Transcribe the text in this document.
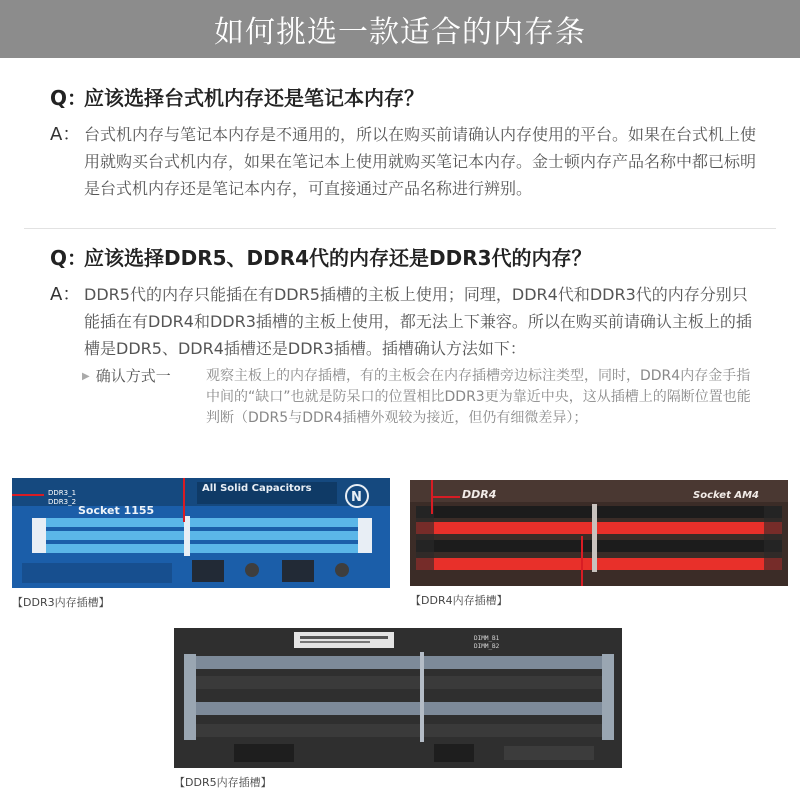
如何挑选一款适合的内存条
Q：
应该选择台式机内存还是笔记本内存？
A： 台式机内存与笔记本内存是不通用的，所以在购买前请确认内存使用的平台。如果在台式机上使用就购买台式机内存，如果在笔记本上使用就购买笔记本内存。金士顿内存产品名称中都已标明是台式机内存还是笔记本内存，可直接通过产品名称进行辨别。
Q：
应该选择DDR5、DDR4代的内存还是DDR3代的内存？
A： DDR5代的内存只能插在有DDR5插槽的主板上使用；同理，DDR4代和DDR3代的内存分别只能插在有DDR4和DDR3插槽的主板上使用，都无法上下兼容。所以在购买前请确认主板上的插槽是DDR5、DDR4插槽还是DDR3插槽。插槽确认方法如下：
▶ 确认方式一	观察主板上的内存插槽，有的主板会在内存插槽旁边标注类型，同时，DDR4内存金手指中间的“缺口”也就是防呆口的位置相比DDR3更为靠近中央，这从插槽上的隔断位置也能判断（DDR5与DDR4插槽外观较为接近，但仍有细微差异）；
All Solid Capacitors
N
Socket 1155
DDR3_1
DDR3_2
【DDR3内存插槽】
DDR4	Socket AM4
【DDR4内存插槽】
DIMM_B1
DIMM_B2
【DDR5内存插槽】
